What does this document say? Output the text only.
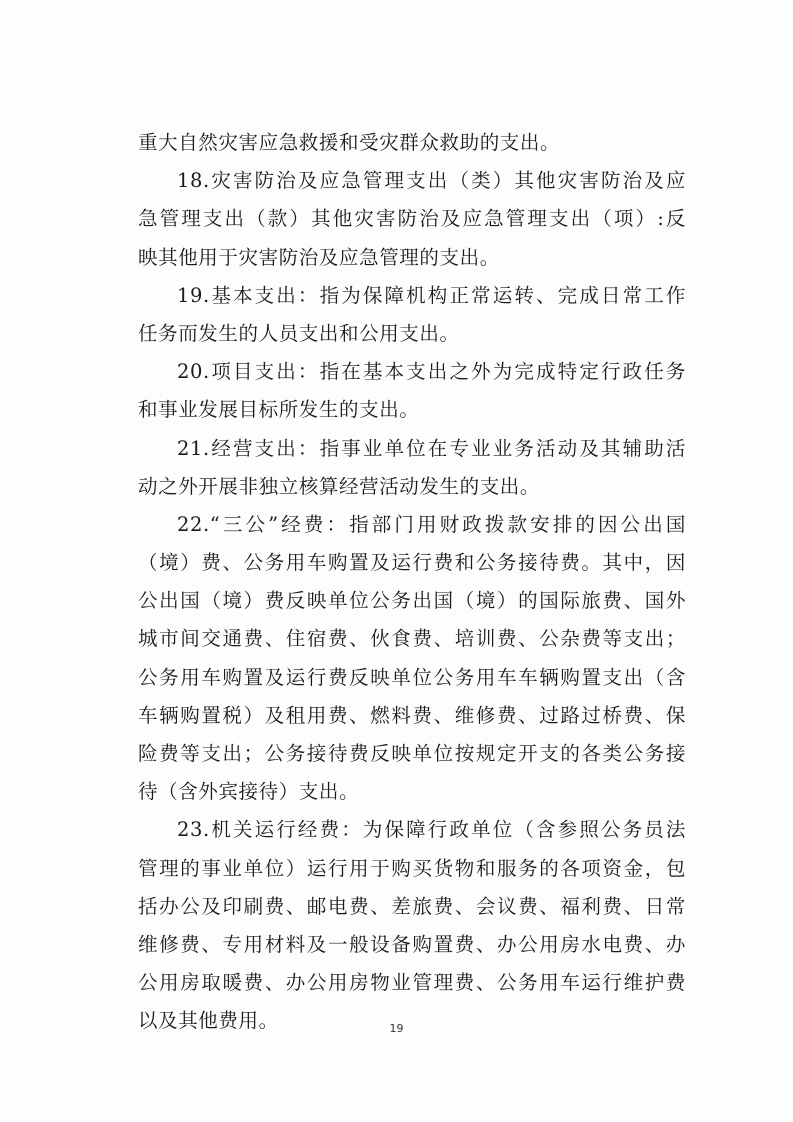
重大自然灾害应急救援和受灾群众救助的支出。
18.灾害防治及应急管理支出（类）其他灾害防治及应
急管理支出（款）其他灾害防治及应急管理支出（项）:反
映其他用于灾害防治及应急管理的支出。
19.基本支出：指为保障机构正常运转、完成日常工作
任务而发生的人员支出和公用支出。
20.项目支出：指在基本支出之外为完成特定行政任务
和事业发展目标所发生的支出。
21.经营支出：指事业单位在专业业务活动及其辅助活
动之外开展非独立核算经营活动发生的支出。
22.“三公”经费：指部门用财政拨款安排的因公出国
（境）费、公务用车购置及运行费和公务接待费。其中，因
公出国（境）费反映单位公务出国（境）的国际旅费、国外
城市间交通费、住宿费、伙食费、培训费、公杂费等支出；
公务用车购置及运行费反映单位公务用车车辆购置支出（含
车辆购置税）及租用费、燃料费、维修费、过路过桥费、保
险费等支出；公务接待费反映单位按规定开支的各类公务接
待（含外宾接待）支出。
23.机关运行经费：为保障行政单位（含参照公务员法
管理的事业单位）运行用于购买货物和服务的各项资金，包
括办公及印刷费、邮电费、差旅费、会议费、福利费、日常
维修费、专用材料及一般设备购置费、办公用房水电费、办
公用房取暖费、办公用房物业管理费、公务用车运行维护费
以及其他费用。	19
